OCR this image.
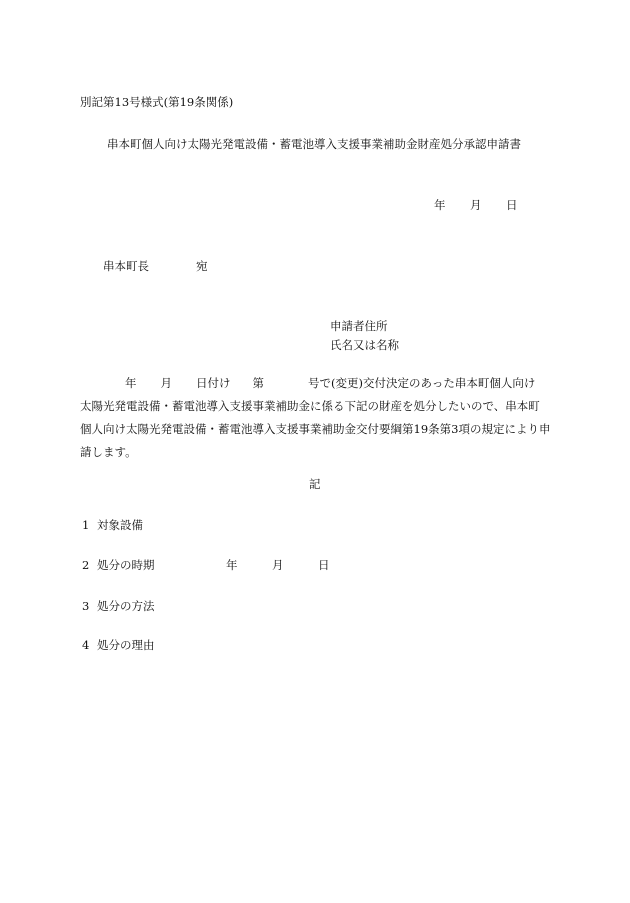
別記第13号様式(第19条関係)
串本町個人向け太陽光発電設備・蓄電池導入支援事業補助金財産処分承認申請書
年 月 日
串本町長	宛
申請者住所
氏名又は名称
年 月 日付け 第	号で(変更)交付決定のあった串本町個人向け
太陽光発電設備・蓄電池導入支援事業補助金に係る下記の財産を処分したいので、串本町
個人向け太陽光発電設備・蓄電池導入支援事業補助金交付要綱第19条第3項の規定により申
請します。
記
1 対象設備
2 処分の時期	年	月	日
3 処分の方法
4 処分の理由
